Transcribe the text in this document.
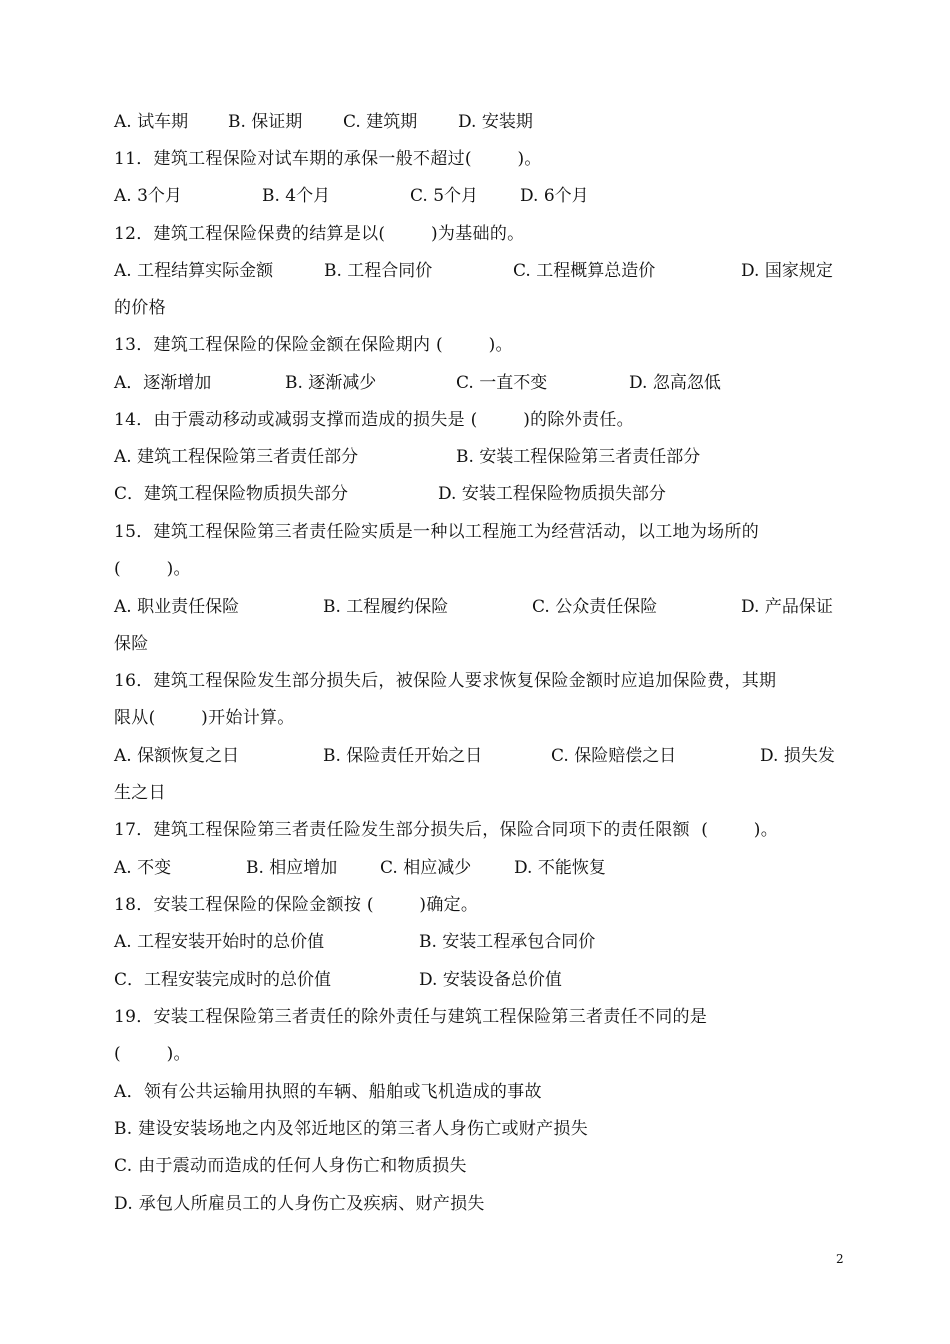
A. 试车期 B. 保证期 C. 建筑期 D. 安装期
11．建筑工程保险对试车期的承保一般不超过(        )。
A. 3个月	B. 4个月	C. 5个月 D. 6个月
12．建筑工程保险保费的结算是以(        )为基础的。
A. 工程结算实际金额	B. 工程合同价	C. 工程概算总造价	D. 国家规定
的价格
13．建筑工程保险的保险金额在保险期内 (        )。
A．逐渐增加	B. 逐渐减少	C. 一直不变	D. 忽高忽低
14．由于震动移动或减弱支撑而造成的损失是 (        )的除外责任。
A. 建筑工程保险第三者责任部分	B. 安装工程保险第三者责任部分
C．建筑工程保险物质损失部分	D. 安装工程保险物质损失部分
15．建筑工程保险第三者责任险实质是一种以工程施工为经营活动，以工地为场所的
(        )。
A. 职业责任保险	B. 工程履约保险	C. 公众责任保险	D. 产品保证
保险
16．建筑工程保险发生部分损失后，被保险人要求恢复保险金额时应追加保险费，其期
限从(        )开始计算。
A. 保额恢复之日	B. 保险责任开始之日	C. 保险赔偿之日	D. 损失发
生之日
17．建筑工程保险第三者责任险发生部分损失后，保险合同项下的责任限额  (        )。
A. 不变	B. 相应增加	C. 相应减少	D. 不能恢复
18．安装工程保险的保险金额按 (        )确定。
A. 工程安装开始时的总价值	B. 安装工程承包合同价
C．工程安装完成时的总价值	D. 安装设备总价值
19．安装工程保险第三者责任的除外责任与建筑工程保险第三者责任不同的是
(        )。
A．领有公共运输用执照的车辆、船舶或飞机造成的事故
B. 建设安装场地之内及邻近地区的第三者人身伤亡或财产损失
C. 由于震动而造成的任何人身伤亡和物质损失
D. 承包人所雇员工的人身伤亡及疾病、财产损失
2
